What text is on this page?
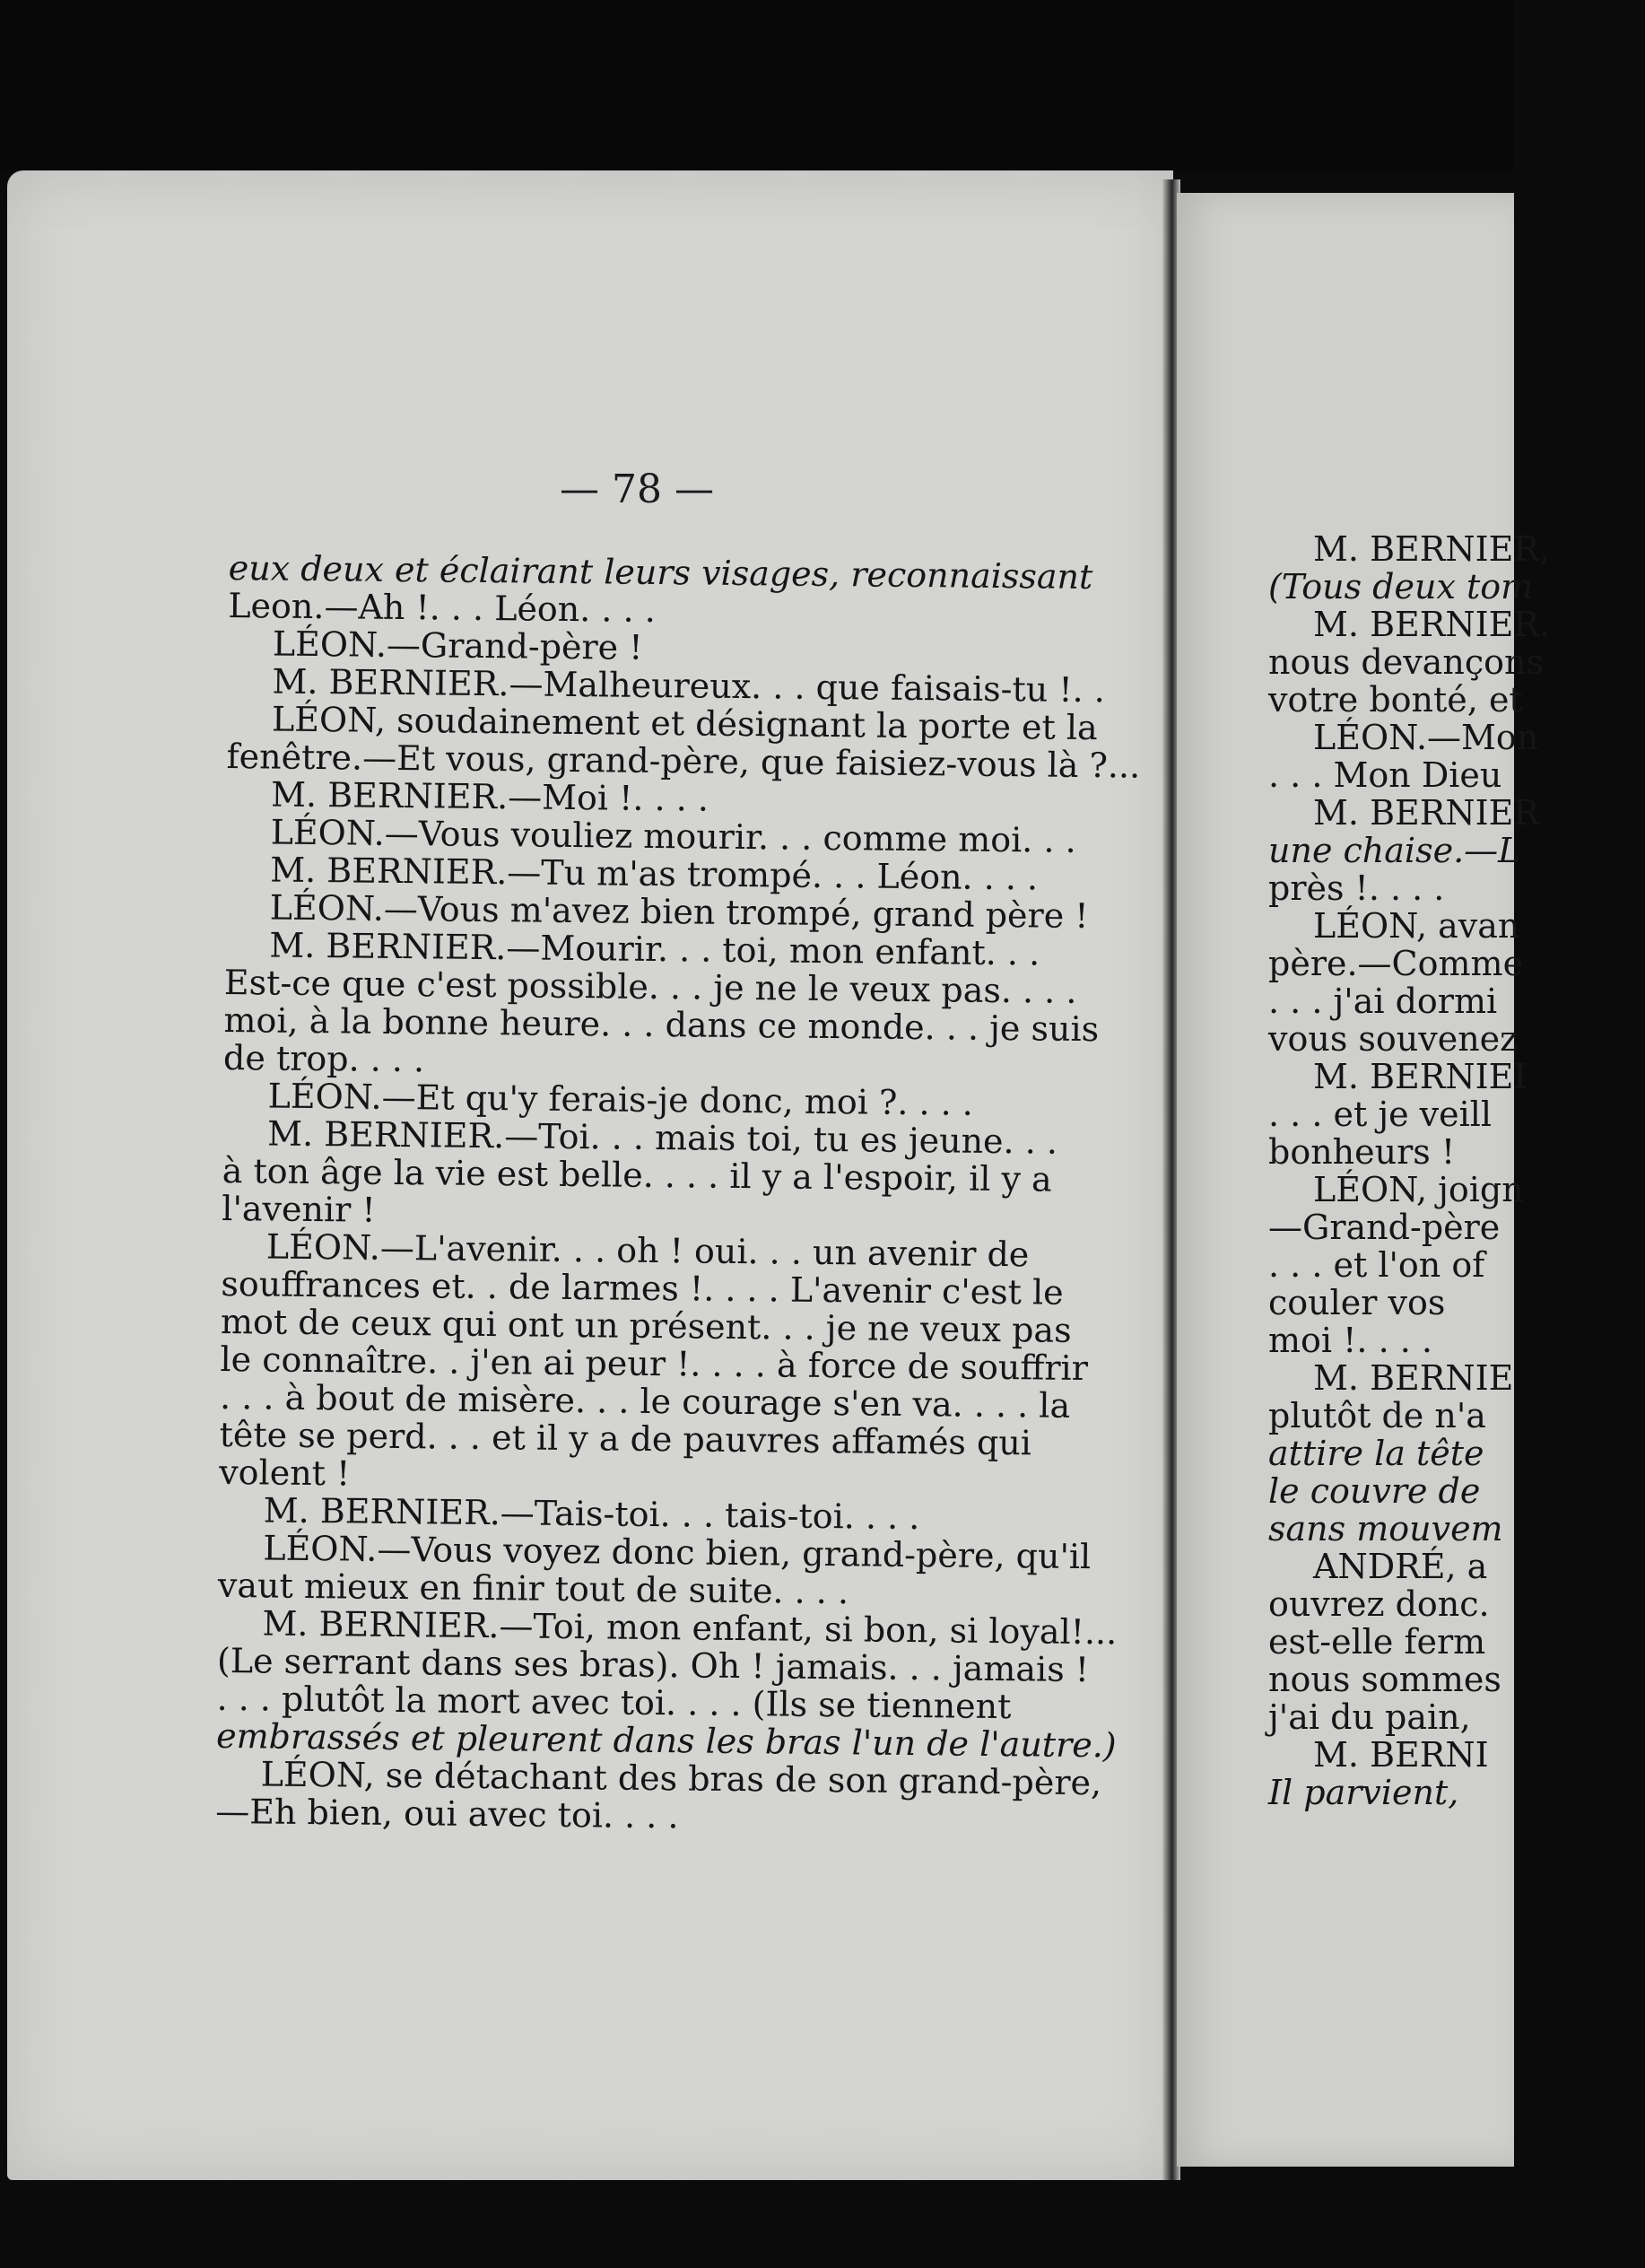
— 78 —
eux deux et éclairant leurs visages, reconnaissant
Leon.—Ah !. . . Léon. . . .
LÉON.—Grand-père !
M. BERNIER.—Malheureux. . . que faisais-tu !. .
LÉON, soudainement et désignant la porte et la
fenêtre.—Et vous, grand-père, que faisiez-vous là ?...
M. BERNIER.—Moi !. . . .
LÉON.—Vous vouliez mourir. . . comme moi. . .
M. BERNIER.—Tu m'as trompé. . . Léon. . . .
LÉON.—Vous m'avez bien trompé, grand père !
M. BERNIER.—Mourir. . . toi, mon enfant. . .
Est-ce que c'est possible. . . je ne le veux pas. . . .
moi, à la bonne heure. . . dans ce monde. . . je suis
de trop. . . .
LÉON.—Et qu'y ferais-je donc, moi ?. . . .
M. BERNIER.—Toi. . . mais toi, tu es jeune. . .
à ton âge la vie est belle. . . . il y a l'espoir, il y a
l'avenir !
LÉON.—L'avenir. . . oh ! oui. . . un avenir de
souffrances et. . de larmes !. . . . L'avenir c'est le
mot de ceux qui ont un présent. . . je ne veux pas
le connaître. . j'en ai peur !. . . . à force de souffrir
. . . à bout de misère. . . le courage s'en va. . . . la
tête se perd. . . et il y a de pauvres affamés qui
volent !
M. BERNIER.—Tais-toi. . . tais-toi. . . .
LÉON.—Vous voyez donc bien, grand-père, qu'il
vaut mieux en finir tout de suite. . . .
M. BERNIER.—Toi, mon enfant, si bon, si loyal!...
(Le serrant dans ses bras). Oh ! jamais. . . jamais !
. . . plutôt la mort avec toi. . . . (Ils se tiennent
embrassés et pleurent dans les bras l'un de l'autre.)
LÉON, se détachant des bras de son grand-père,
—Eh bien, oui avec toi. . . .
M. BERNIER,
(Tous deux tom
M. BERNIER.
nous devançons
votre bonté, et
LÉON.—Mon
. . . Mon Dieu
M. BERNIER
une chaise.—L
près !. . . .
LÉON, avan
père.—Comme
. . . j'ai dormi
vous souvenez
M. BERNIEI
. . . et je veill
bonheurs !
LÉON, joign
—Grand-père
. . . et l'on of
couler vos
moi !. . . .
M. BERNIE
plutôt de n'a
attire la tête
le couvre de
sans mouvem
ANDRÉ, a
ouvrez donc.
est-elle ferm
nous sommes
j'ai du pain,
M. BERNI
Il parvient,
